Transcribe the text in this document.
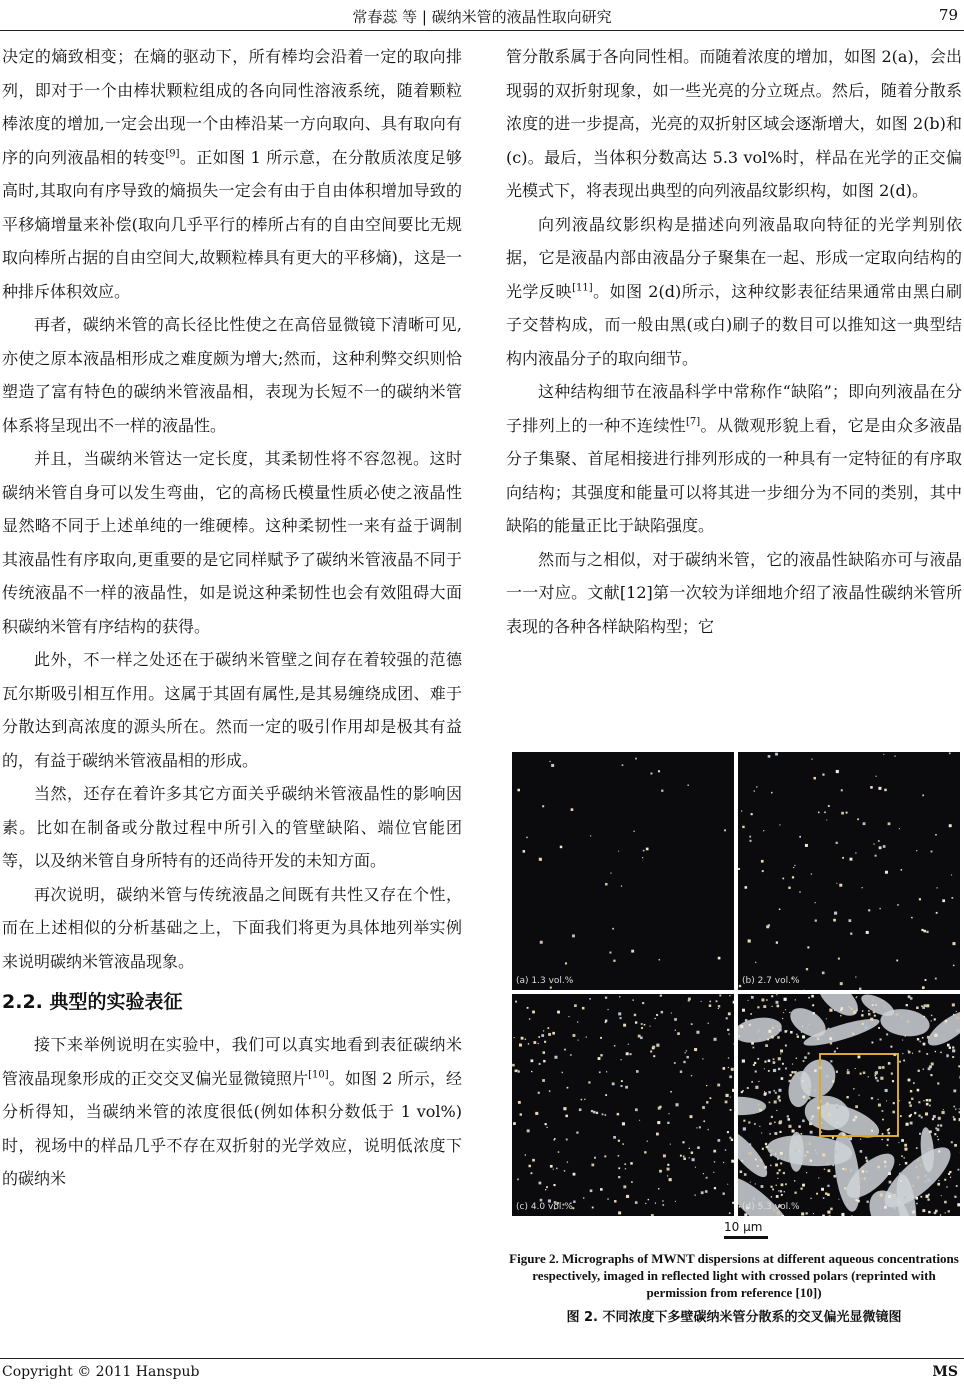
常春蕊 等 | 碳纳米管的液晶性取向研究	79

决定的熵致相变；在熵的驱动下，所有棒均会沿着一定的取向排列，即对于一个由棒状颗粒组成的各向同性溶液系统，随着颗粒棒浓度的增加,一定会出现一个由棒沿某一方向取向、具有取向有序的向列液晶相的转变[9]。正如图 1 所示意，在分散质浓度足够高时,其取向有序导致的熵损失一定会有由于自由体积增加导致的平移熵增量来补偿(取向几乎平行的棒所占有的自由空间要比无规取向棒所占据的自由空间大,故颗粒棒具有更大的平移熵)，这是一种排斥体积效应。

再者，碳纳米管的高长径比性使之在高倍显微镜下清晰可见,亦使之原本液晶相形成之难度颇为增大;然而，这种利弊交织则恰塑造了富有特色的碳纳米管液晶相，表现为长短不一的碳纳米管体系将呈现出不一样的液晶性。

并且，当碳纳米管达一定长度，其柔韧性将不容忽视。这时碳纳米管自身可以发生弯曲，它的高杨氏模量性质必使之液晶性显然略不同于上述单纯的一维硬棒。这种柔韧性一来有益于调制其液晶性有序取向,更重要的是它同样赋予了碳纳米管液晶不同于传统液晶不一样的液晶性，如是说这种柔韧性也会有效阻碍大面积碳纳米管有序结构的获得。

此外，不一样之处还在于碳纳米管壁之间存在着较强的范德瓦尔斯吸引相互作用。这属于其固有属性,是其易缠绕成团、难于分散达到高浓度的源头所在。然而一定的吸引作用却是极其有益的，有益于碳纳米管液晶相的形成。

当然，还存在着许多其它方面关乎碳纳米管液晶性的影响因素。比如在制备或分散过程中所引入的管壁缺陷、端位官能团等，以及纳米管自身所特有的还尚待开发的未知方面。

再次说明，碳纳米管与传统液晶之间既有共性又存在个性，而在上述相似的分析基础之上，下面我们将更为具体地列举实例来说明碳纳米管液晶现象。

2.2. 典型的实验表征

接下来举例说明在实验中，我们可以真实地看到表征碳纳米管液晶现象形成的正交交叉偏光显微镜照片[10]。如图 2 所示，经分析得知，当碳纳米管的浓度很低(例如体积分数低于 1 vol%)时，视场中的样品几乎不存在双折射的光学效应，说明低浓度下的碳纳米

管分散系属于各向同性相。而随着浓度的增加，如图 2(a)，会出现弱的双折射现象，如一些光亮的分立斑点。然后，随着分散系浓度的进一步提高，光亮的双折射区域会逐渐增大，如图 2(b)和(c)。最后，当体积分数高达 5.3 vol%时，样品在光学的正交偏光模式下，将表现出典型的向列液晶纹影织构，如图 2(d)。

向列液晶纹影织构是描述向列液晶取向特征的光学判别依据，它是液晶内部由液晶分子聚集在一起、形成一定取向结构的光学反映[11]。如图 2(d)所示，这种纹影表征结果通常由黑白刷子交替构成，而一般由黑(或白)刷子的数目可以推知这一典型结构内液晶分子的取向细节。

这种结构细节在液晶科学中常称作“缺陷”；即向列液晶在分子排列上的一种不连续性[7]。从微观形貌上看，它是由众多液晶分子集聚、首尾相接进行排列形成的一种具有一定特征的有序取向结构；其强度和能量可以将其进一步细分为不同的类别，其中缺陷的能量正比于缺陷强度。

然而与之相似，对于碳纳米管，它的液晶性缺陷亦可与液晶一一对应。文献[12]第一次较为详细地介绍了液晶性碳纳米管所表现的各种各样缺陷构型；它

(a) 1.3 vol.%	(b) 2.7 vol.%
(c) 4.0 vol.%	(d) 5.3 vol.%
10 μm
Figure 2. Micrographs of MWNT dispersions at different aqueous concentrations respectively, imaged in reflected light with crossed polars (reprinted with permission from reference [10])
图 2. 不同浓度下多壁碳纳米管分散系的交叉偏光显微镜图
Copyright © 2011 Hanspub	MS
